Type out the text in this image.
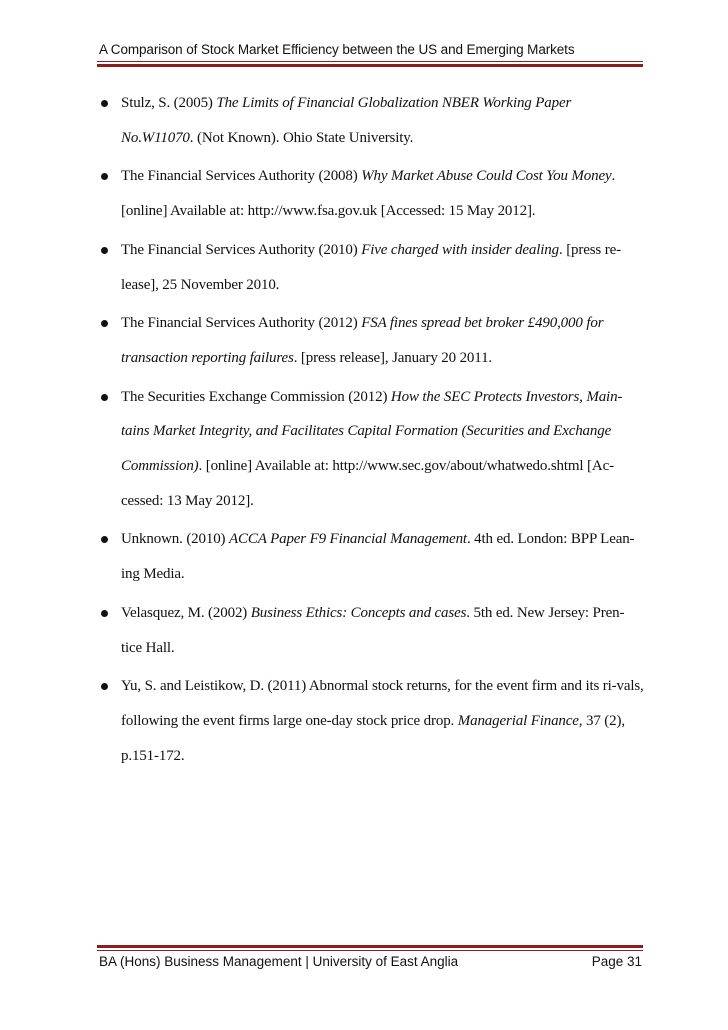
A Comparison of Stock Market Efficiency between the US and Emerging Markets
Stulz, S. (2005) The Limits of Financial Globalization NBER Working Paper No.W11070. (Not Known). Ohio State University.
The Financial Services Authority (2008) Why Market Abuse Could Cost You Money. [online] Available at: http://www.fsa.gov.uk [Accessed: 15 May 2012].
The Financial Services Authority (2010) Five charged with insider dealing. [press re-lease], 25 November 2010.
The Financial Services Authority (2012) FSA fines spread bet broker £490,000 for transaction reporting failures. [press release], January 20 2011.
The Securities Exchange Commission (2012) How the SEC Protects Investors, Main-tains Market Integrity, and Facilitates Capital Formation (Securities and Exchange Commission). [online] Available at: http://www.sec.gov/about/whatwedo.shtml [Ac-cessed: 13 May 2012].
Unknown. (2010) ACCA Paper F9 Financial Management. 4th ed. London: BPP Lean-ing Media.
Velasquez, M. (2002) Business Ethics: Concepts and cases. 5th ed. New Jersey: Pren-tice Hall.
Yu, S. and Leistikow, D. (2011) Abnormal stock returns, for the event firm and its ri-vals, following the event firms large one-day stock price drop. Managerial Finance, 37 (2), p.151-172.
BA (Hons) Business Management | University of East Anglia	Page 31
